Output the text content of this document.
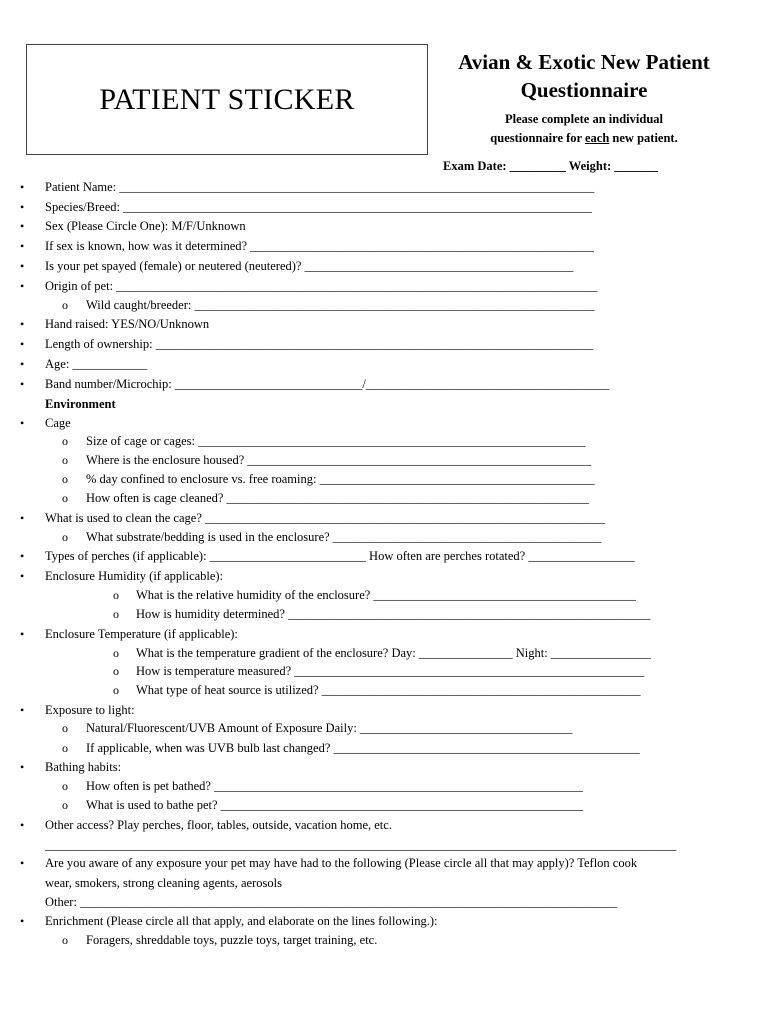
PATIENT STICKER
Avian & Exotic New Patient
Questionnaire
Please complete an individual
questionnaire for each new patient.
Exam Date: _________ Weight: _______
• Patient Name: ____________________________________________________________________________
• Species/Breed: ___________________________________________________________________________
• Sex (Please Circle One): M/F/Unknown
• If sex is known, how was it determined? _______________________________________________________
• Is your pet spayed (female) or neutered (neutered)? ___________________________________________
• Origin of pet: _____________________________________________________________________________
o Wild caught/breeder: ________________________________________________________________
• Hand raised: YES/NO/Unknown
• Length of ownership: ______________________________________________________________________
• Age: ____________
• Band number/Microchip: ______________________________/_______________________________________
Environment
• Cage
o Size of cage or cages: ______________________________________________________________
o Where is the enclosure housed? _______________________________________________________
o % day confined to enclosure vs. free roaming: ____________________________________________
o How often is cage cleaned? __________________________________________________________
• What is used to clean the cage? ________________________________________________________________
o What substrate/bedding is used in the enclosure? ___________________________________________
• Types of perches (if applicable): _________________________ How often are perches rotated? _________________
• Enclosure Humidity (if applicable):
o What is the relative humidity of the enclosure? __________________________________________
o How is humidity determined? __________________________________________________________
• Enclosure Temperature (if applicable):
o What is the temperature gradient of the enclosure? Day: _______________ Night: ________________
o How is temperature measured? ________________________________________________________
o What type of heat source is utilized? ___________________________________________________
• Exposure to light:
o Natural/Fluorescent/UVB Amount of Exposure Daily: __________________________________
o If applicable, when was UVB bulb last changed? _________________________________________________
• Bathing habits:
o How often is pet bathed? ___________________________________________________________
o What is used to bathe pet? __________________________________________________________
• Other access? Play perches, floor, tables, outside, vacation home, etc.
_____________________________________________________________________________________________________
• Are you aware of any exposure your pet may have had to the following (Please circle all that may apply)? Teflon cook
wear, smokers, strong cleaning agents, aerosols
Other: ______________________________________________________________________________________
• Enrichment (Please circle all that apply, and elaborate on the lines following.):
o Foragers, shreddable toys, puzzle toys, target training, etc.
